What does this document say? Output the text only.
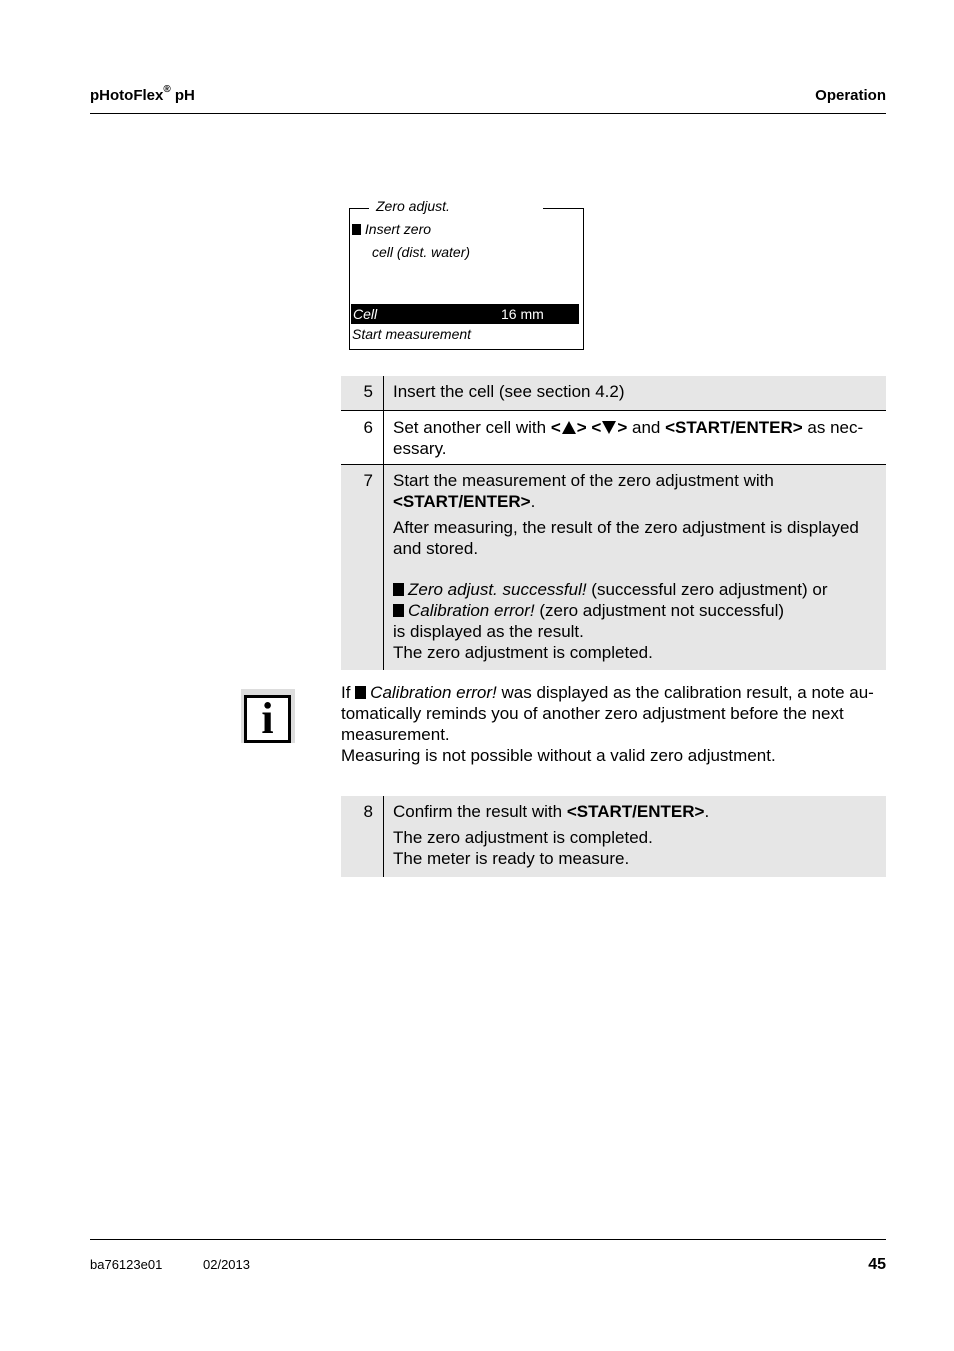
pHotoFlex® pH	Operation
Zero adjust.
Insert zero
cell (dist. water)
Cell	16 mm
Start measurement
5	Insert the cell (see section 4.2)
6	Set another cell with < > < > and <START/ENTER> as nec-essary.
7	Start the measurement of the zero adjustment with <START/ENTER>.

After measuring, the result of the zero adjustment is displayed and stored.

Zero adjust. successful! (successful zero adjustment) or

Calibration error! (zero adjustment not successful)

is displayed as the result.

The zero adjustment is completed.

i

If Calibration error! was displayed as the calibration result, a note au-tomatically reminds you of another zero adjustment before the next measurement.

Measuring is not possible without a valid zero adjustment.

8	Confirm the result with <START/ENTER>.

The zero adjustment is completed.

The meter is ready to measure.

ba76123e01	02/2013	45
